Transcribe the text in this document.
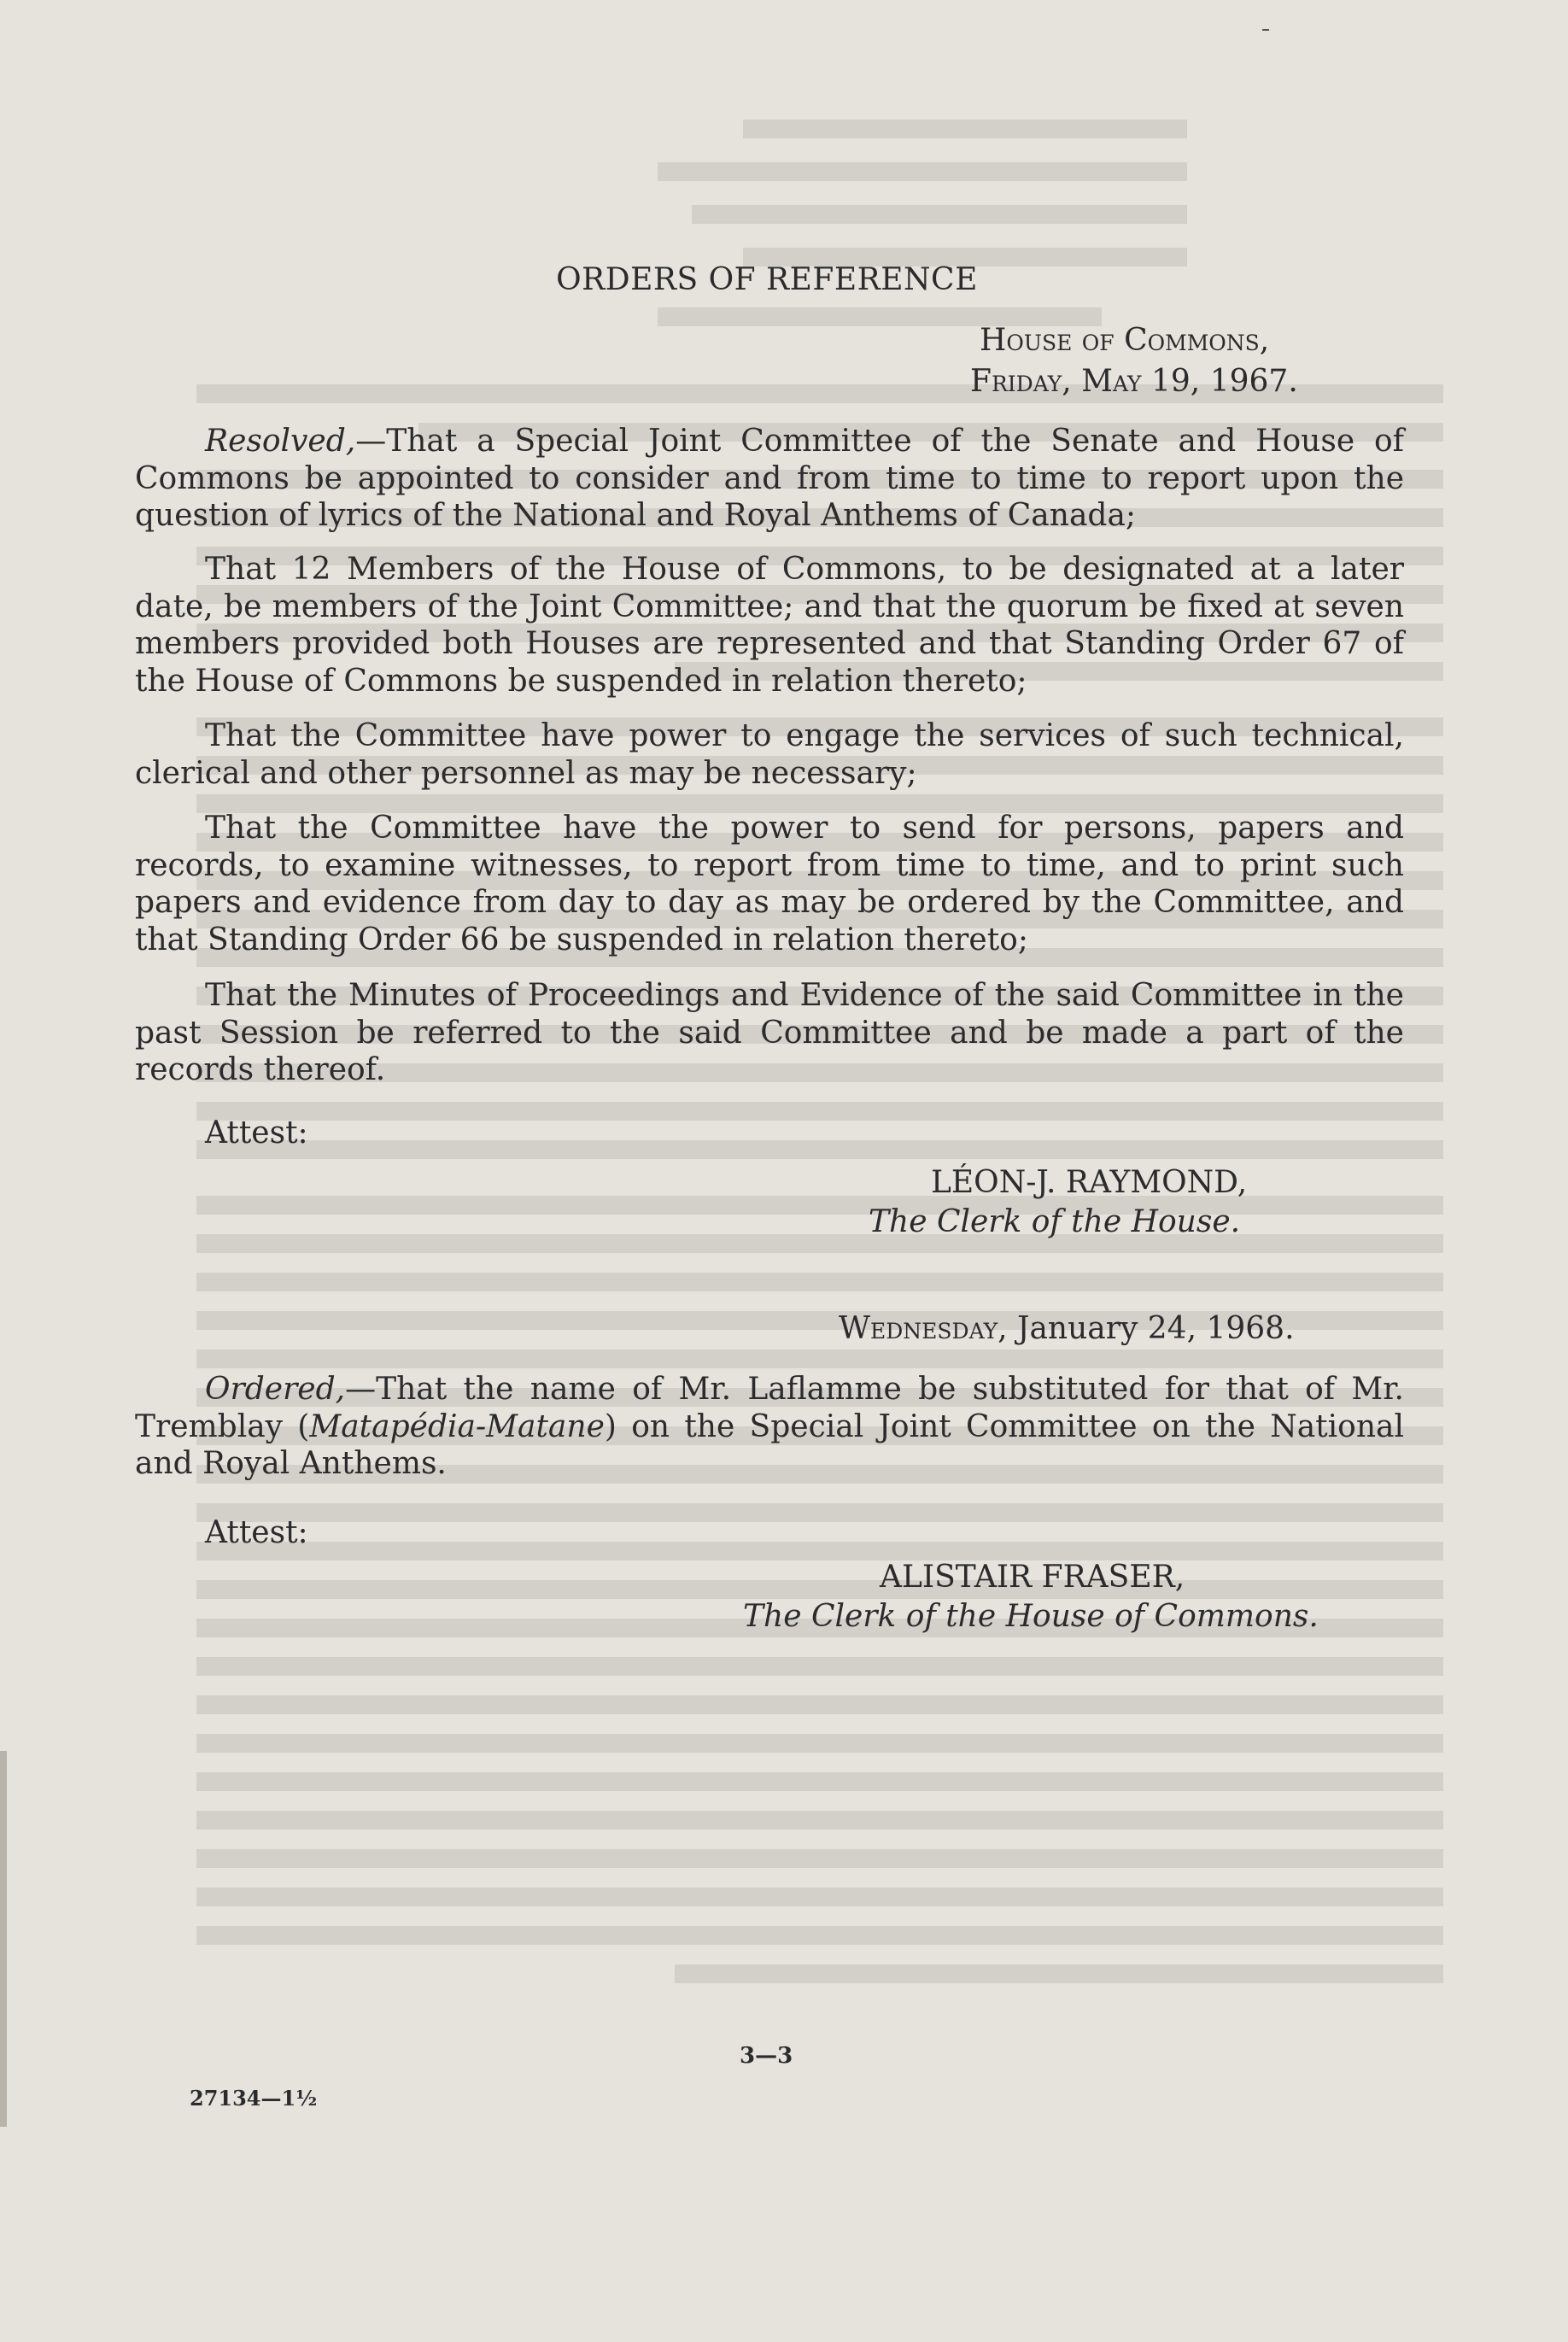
ORDERS OF REFERENCE
House of Commons,
Friday, May 19, 1967.
Resolved,—That a Special Joint Committee of the Senate and House of Commons be appointed to consider and from time to time to report upon the question of lyrics of the National and Royal Anthems of Canada;
That 12 Members of the House of Commons, to be designated at a later date, be members of the Joint Committee; and that the quorum be fixed at seven members provided both Houses are represented and that Standing Order 67 of the House of Commons be suspended in relation thereto;
That the Committee have power to engage the services of such technical, clerical and other personnel as may be necessary;
That the Committee have the power to send for persons, papers and records, to examine witnesses, to report from time to time, and to print such papers and evidence from day to day as may be ordered by the Committee, and that Standing Order 66 be suspended in relation thereto;
That the Minutes of Proceedings and Evidence of the said Committee in the past Session be referred to the said Committee and be made a part of the records thereof.
Attest:
LÉON-J. RAYMOND,
The Clerk of the House.
Wednesday, January 24, 1968.
Ordered,—That the name of Mr. Laflamme be substituted for that of Mr. Tremblay (Matapédia-Matane) on the Special Joint Committee on the National and Royal Anthems.
Attest:
ALISTAIR FRASER,
The Clerk of the House of Commons.
3—3
27134—1½
